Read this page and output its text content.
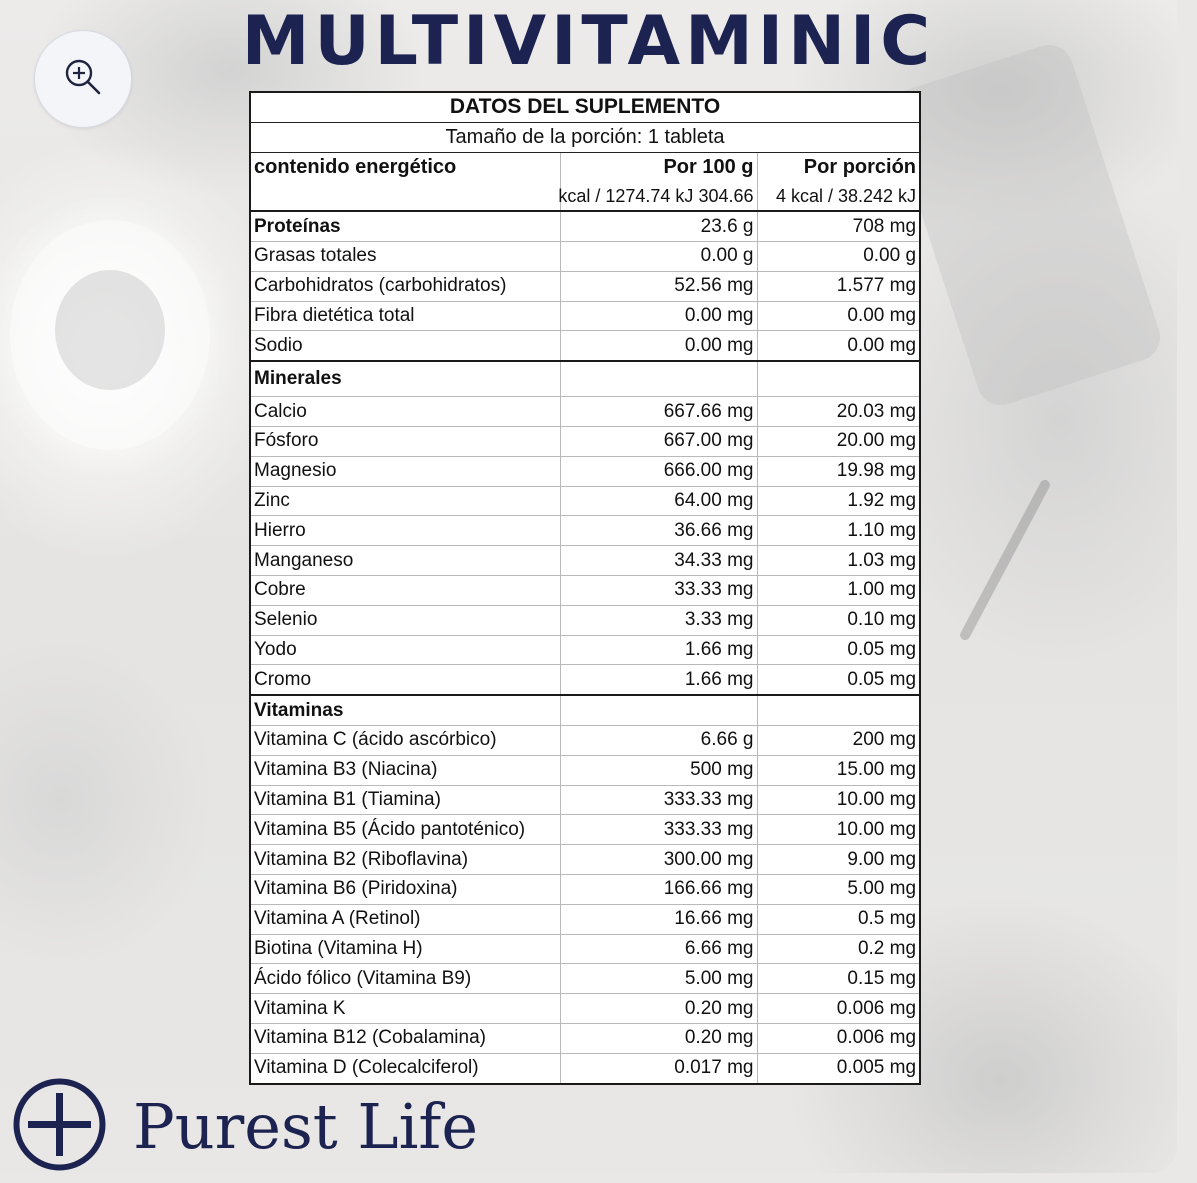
MULTIVITAMINIC
DATOS DEL SUPLEMENTO		
Tamaño de la porción: 1 tableta		
contenido energético	Por 100 g	Por porción
	304.66 kcal / 1274.74 kJ	4 kcal / 38.242 kJ
Proteínas	23.6 g	708 mg
Grasas totales	0.00 g	0.00 g
Carbohidratos (carbohidratos)	52.56 mg	1.577 mg
Fibra dietética total	0.00 mg	0.00 mg
Sodio	0.00 mg	0.00 mg
Minerales		
Calcio	667.66 mg	20.03 mg
Fósforo	667.00 mg	20.00 mg
Magnesio	666.00 mg	19.98 mg
Zinc	64.00 mg	1.92 mg
Hierro	36.66 mg	1.10 mg
Manganeso	34.33 mg	1.03 mg
Cobre	33.33 mg	1.00 mg
Selenio	3.33 mg	0.10 mg
Yodo	1.66 mg	0.05 mg
Cromo	1.66 mg	0.05 mg
Vitaminas		
Vitamina C (ácido ascórbico)	6.66 g	200 mg
Vitamina B3 (Niacina)	500 mg	15.00 mg
Vitamina B1 (Tiamina)	333.33 mg	10.00 mg
Vitamina B5 (Ácido pantoténico)	333.33 mg	10.00 mg
Vitamina B2 (Riboflavina)	300.00 mg	9.00 mg
Vitamina B6 (Piridoxina)	166.66 mg	5.00 mg
Vitamina A (Retinol)	16.66 mg	0.5 mg
Biotina (Vitamina H)	6.66 mg	0.2 mg
Ácido fólico (Vitamina B9)	5.00 mg	0.15 mg
Vitamina K	0.20 mg	0.006 mg
Vitamina B12 (Cobalamina)	0.20 mg	0.006 mg
Vitamina D (Colecalciferol)	0.017 mg	0.005 mg
Purest Life
